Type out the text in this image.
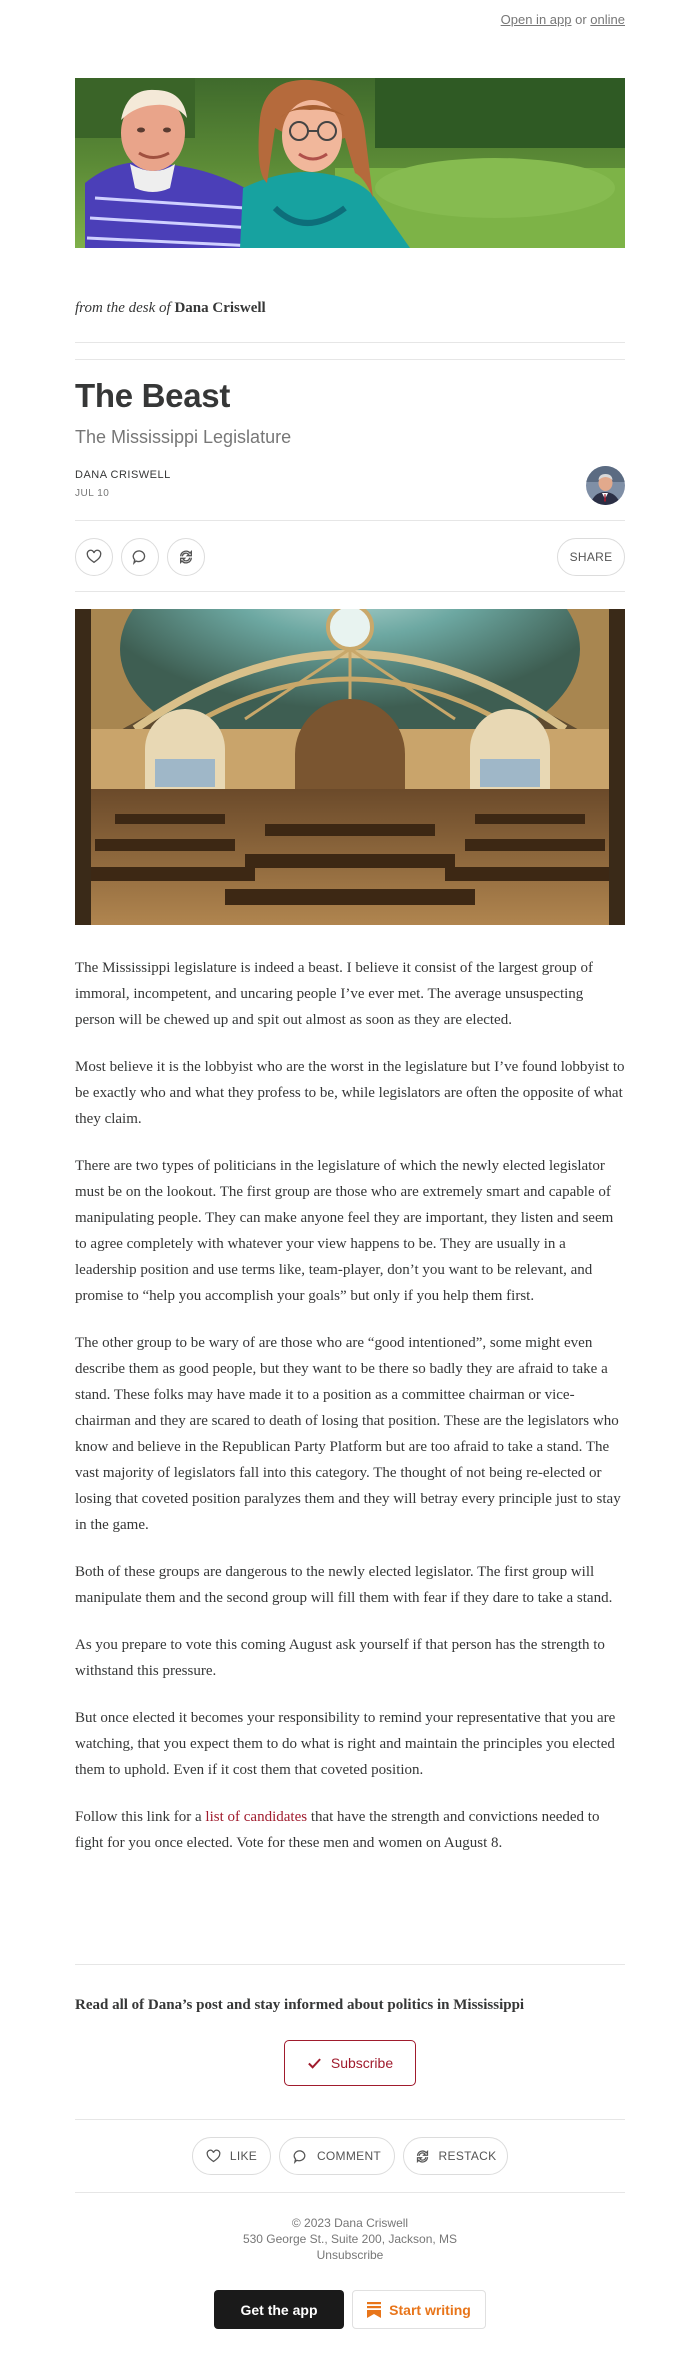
Open in app or online
from the desk of Dana Criswell
The Beast
The Mississippi Legislature
DANA CRISWELL
JUL 10
SHARE

The Mississippi legislature is indeed a beast. I believe it consist of the largest group of immoral, incompetent, and uncaring people I’ve ever met. The average unsuspecting person will be chewed up and spit out almost as soon as they are elected.

Most believe it is the lobbyist who are the worst in the legislature but I’ve found lobbyist to be exactly who and what they profess to be, while legislators are often the opposite of what they claim.

There are two types of politicians in the legislature of which the newly elected legislator must be on the lookout. The first group are those who are extremely smart and capable of manipulating people. They can make anyone feel they are important, they listen and seem to agree completely with whatever your view happens to be. They are usually in a leadership position and use terms like, team-player, don’t you want to be relevant, and promise to “help you accomplish your goals” but only if you help them first.

The other group to be wary of are those who are “good intentioned”, some might even describe them as good people, but they want to be there so badly they are afraid to take a stand. These folks may have made it to a position as a committee chairman or vice-chairman and they are scared to death of losing that position. These are the legislators who know and believe in the Republican Party Platform but are too afraid to take a stand. The vast majority of legislators fall into this category. The thought of not being re-elected or losing that coveted position paralyzes them and they will betray every principle just to stay in the game.

Both of these groups are dangerous to the newly elected legislator. The first group will manipulate them and the second group will fill them with fear if they dare to take a stand.

As you prepare to vote this coming August ask yourself if that person has the strength to withstand this pressure.

But once elected it becomes your responsibility to remind your representative that you are watching, that you expect them to do what is right and maintain the principles you elected them to uphold. Even if it cost them that coveted position.

Follow this link for a list of candidates that have the strength and convictions needed to fight for you once elected. Vote for these men and women on August 8.

Read all of Dana’s post and stay informed about politics in Mississippi
Subscribe
LIKE	COMMENT	RESTACK
© 2023 Dana Criswell
530 George St., Suite 200, Jackson, MS
Unsubscribe
Get the app	Start writing
